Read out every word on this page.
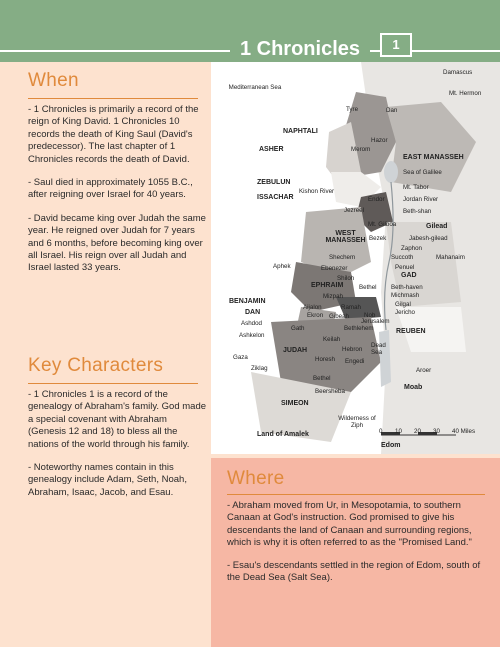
1 Chronicles	1
When

- 1 Chronicles is primarily a record of the reign of King David. 1 Chronicles 10 records the death of King Saul (David's predecessor). The last chapter of 1 Chronicles records the death of David.

- Saul died in approximately 1055 B.C., after reigning over Israel for 40 years.

- David became king over Judah the same year. He reigned over Judah for 7 years and 6 months, before becoming king over all Israel. His reign over all Judah and Israel lasted 33 years.

Key Characters

- 1 Chronicles 1 is a record of the genealogy of Abraham's family. God made a special covenant with Abraham (Genesis 12 and 18) to bless all the nations of the world through his family.

- Noteworthy names contain in this genealogy include Adam, Seth, Noah, Abraham, Isaac, Jacob, and Esau.

Damascus
Mediterranean Sea
Mt. Hermon
Tyre	Dan
NAPHTALI
Hazor
ASHER	Merom
EAST MANASSEH
Sea of Galilee
ZEBULUN
Kishon River
ISSACHAR
Mt. Tabor
Endor	Jordan River
Jezreel	Beth-shan
Mt. Gilboa	Gilead
WEST MANASSEH Bezek	Jabesh-gilead
Zaphon
Shechem	Succoth	Mahanaim
Penuel
Aphek	Ebenezer
Shiloh	GAD
EPHRAIM	Bethel Beth-haven
BENJAMIN
Mizpah	Michmash
Gilgal
DAN
Aijalon	Ramah
Jericho
Ekron	Nob
Gibeah
Jerusalem
Ashdod
Bethlehem	REUBEN
Ashkelon
Gath
Keilah
JUDAH
Dead Sea
Gaza
Hebron
Horesh Engedi
Ziklag	Aroer
Bethel
Moab
Beersheba
SIMEON
Wilderness of Ziph
Land of Amalek	0 10 20 30 40 Miles
Edom
Where

- Abraham moved from Ur, in Mesopotamia, to southern Canaan at God's instruction. God promised to give his descendants the land of Canaan and surrounding regions, which is why it is often referred to as the "Promised Land."

- Esau's descendants settled in the region of Edom, south of the Dead Sea (Salt Sea).
